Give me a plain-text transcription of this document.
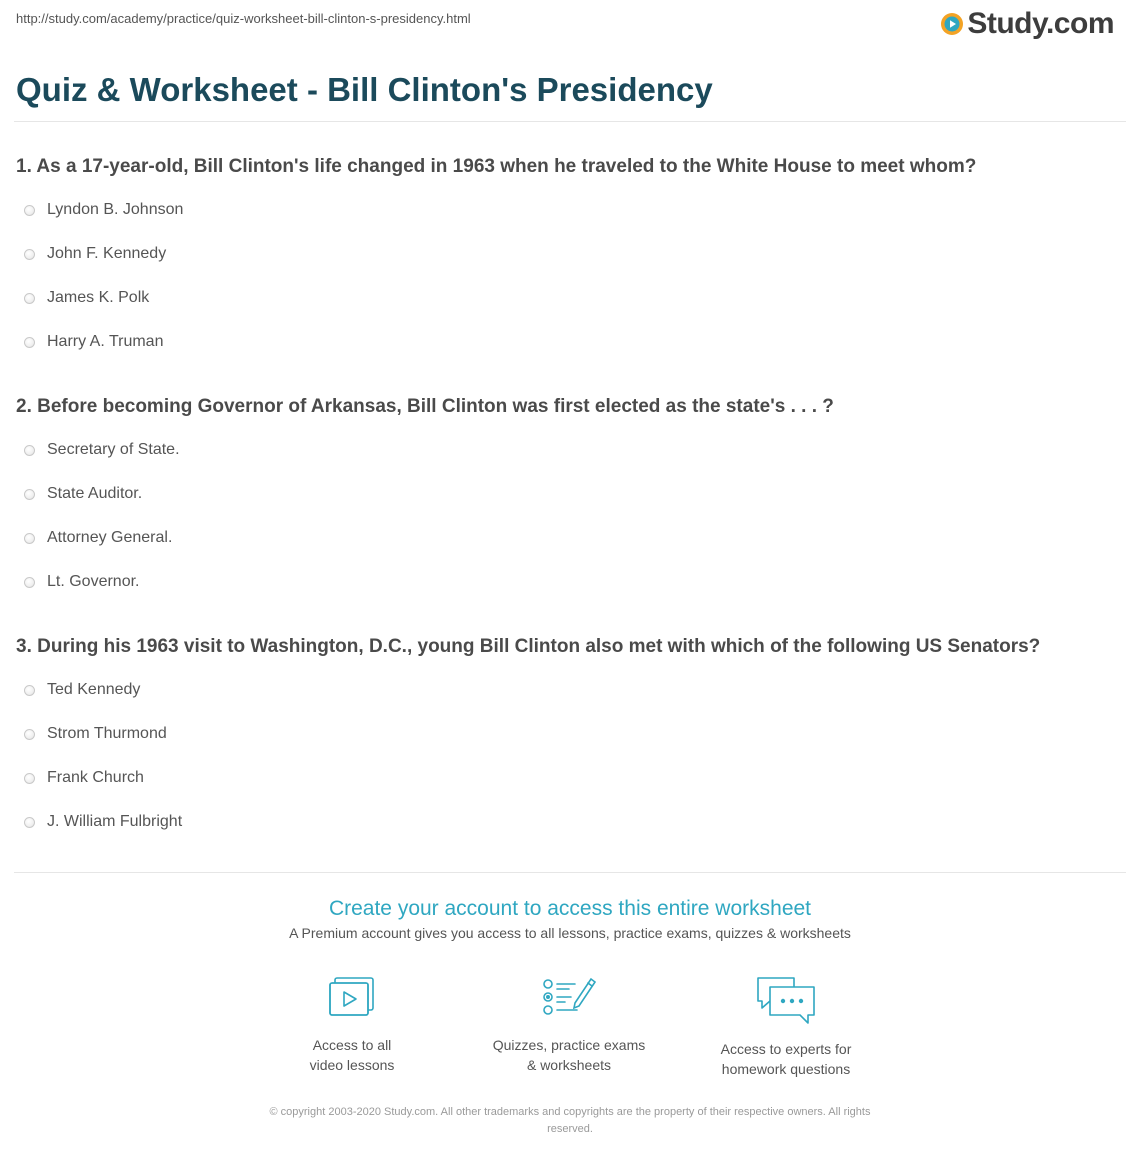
http://study.com/academy/practice/quiz-worksheet-bill-clinton-s-presidency.html	Study.com
Quiz & Worksheet - Bill Clinton's Presidency

1. As a 17-year-old, Bill Clinton's life changed in 1963 when he traveled to the White House to meet whom?

Lyndon B. Johnson
John F. Kennedy
James K. Polk
Harry A. Truman

2. Before becoming Governor of Arkansas, Bill Clinton was first elected as the state's . . . ?

Secretary of State.
State Auditor.
Attorney General.
Lt. Governor.

3. During his 1963 visit to Washington, D.C., young Bill Clinton also met with which of the following US Senators?

Ted Kennedy
Strom Thurmond
Frank Church
J. William Fulbright

Create your account to access this entire worksheet

A Premium account gives you access to all lessons, practice exams, quizzes & worksheets

Access to all
video lessons
Quizzes, practice exams
& worksheets
Access to experts for
homework questions
© copyright 2003-2020 Study.com. All other trademarks and copyrights are the property of their respective owners. All rights
reserved.
